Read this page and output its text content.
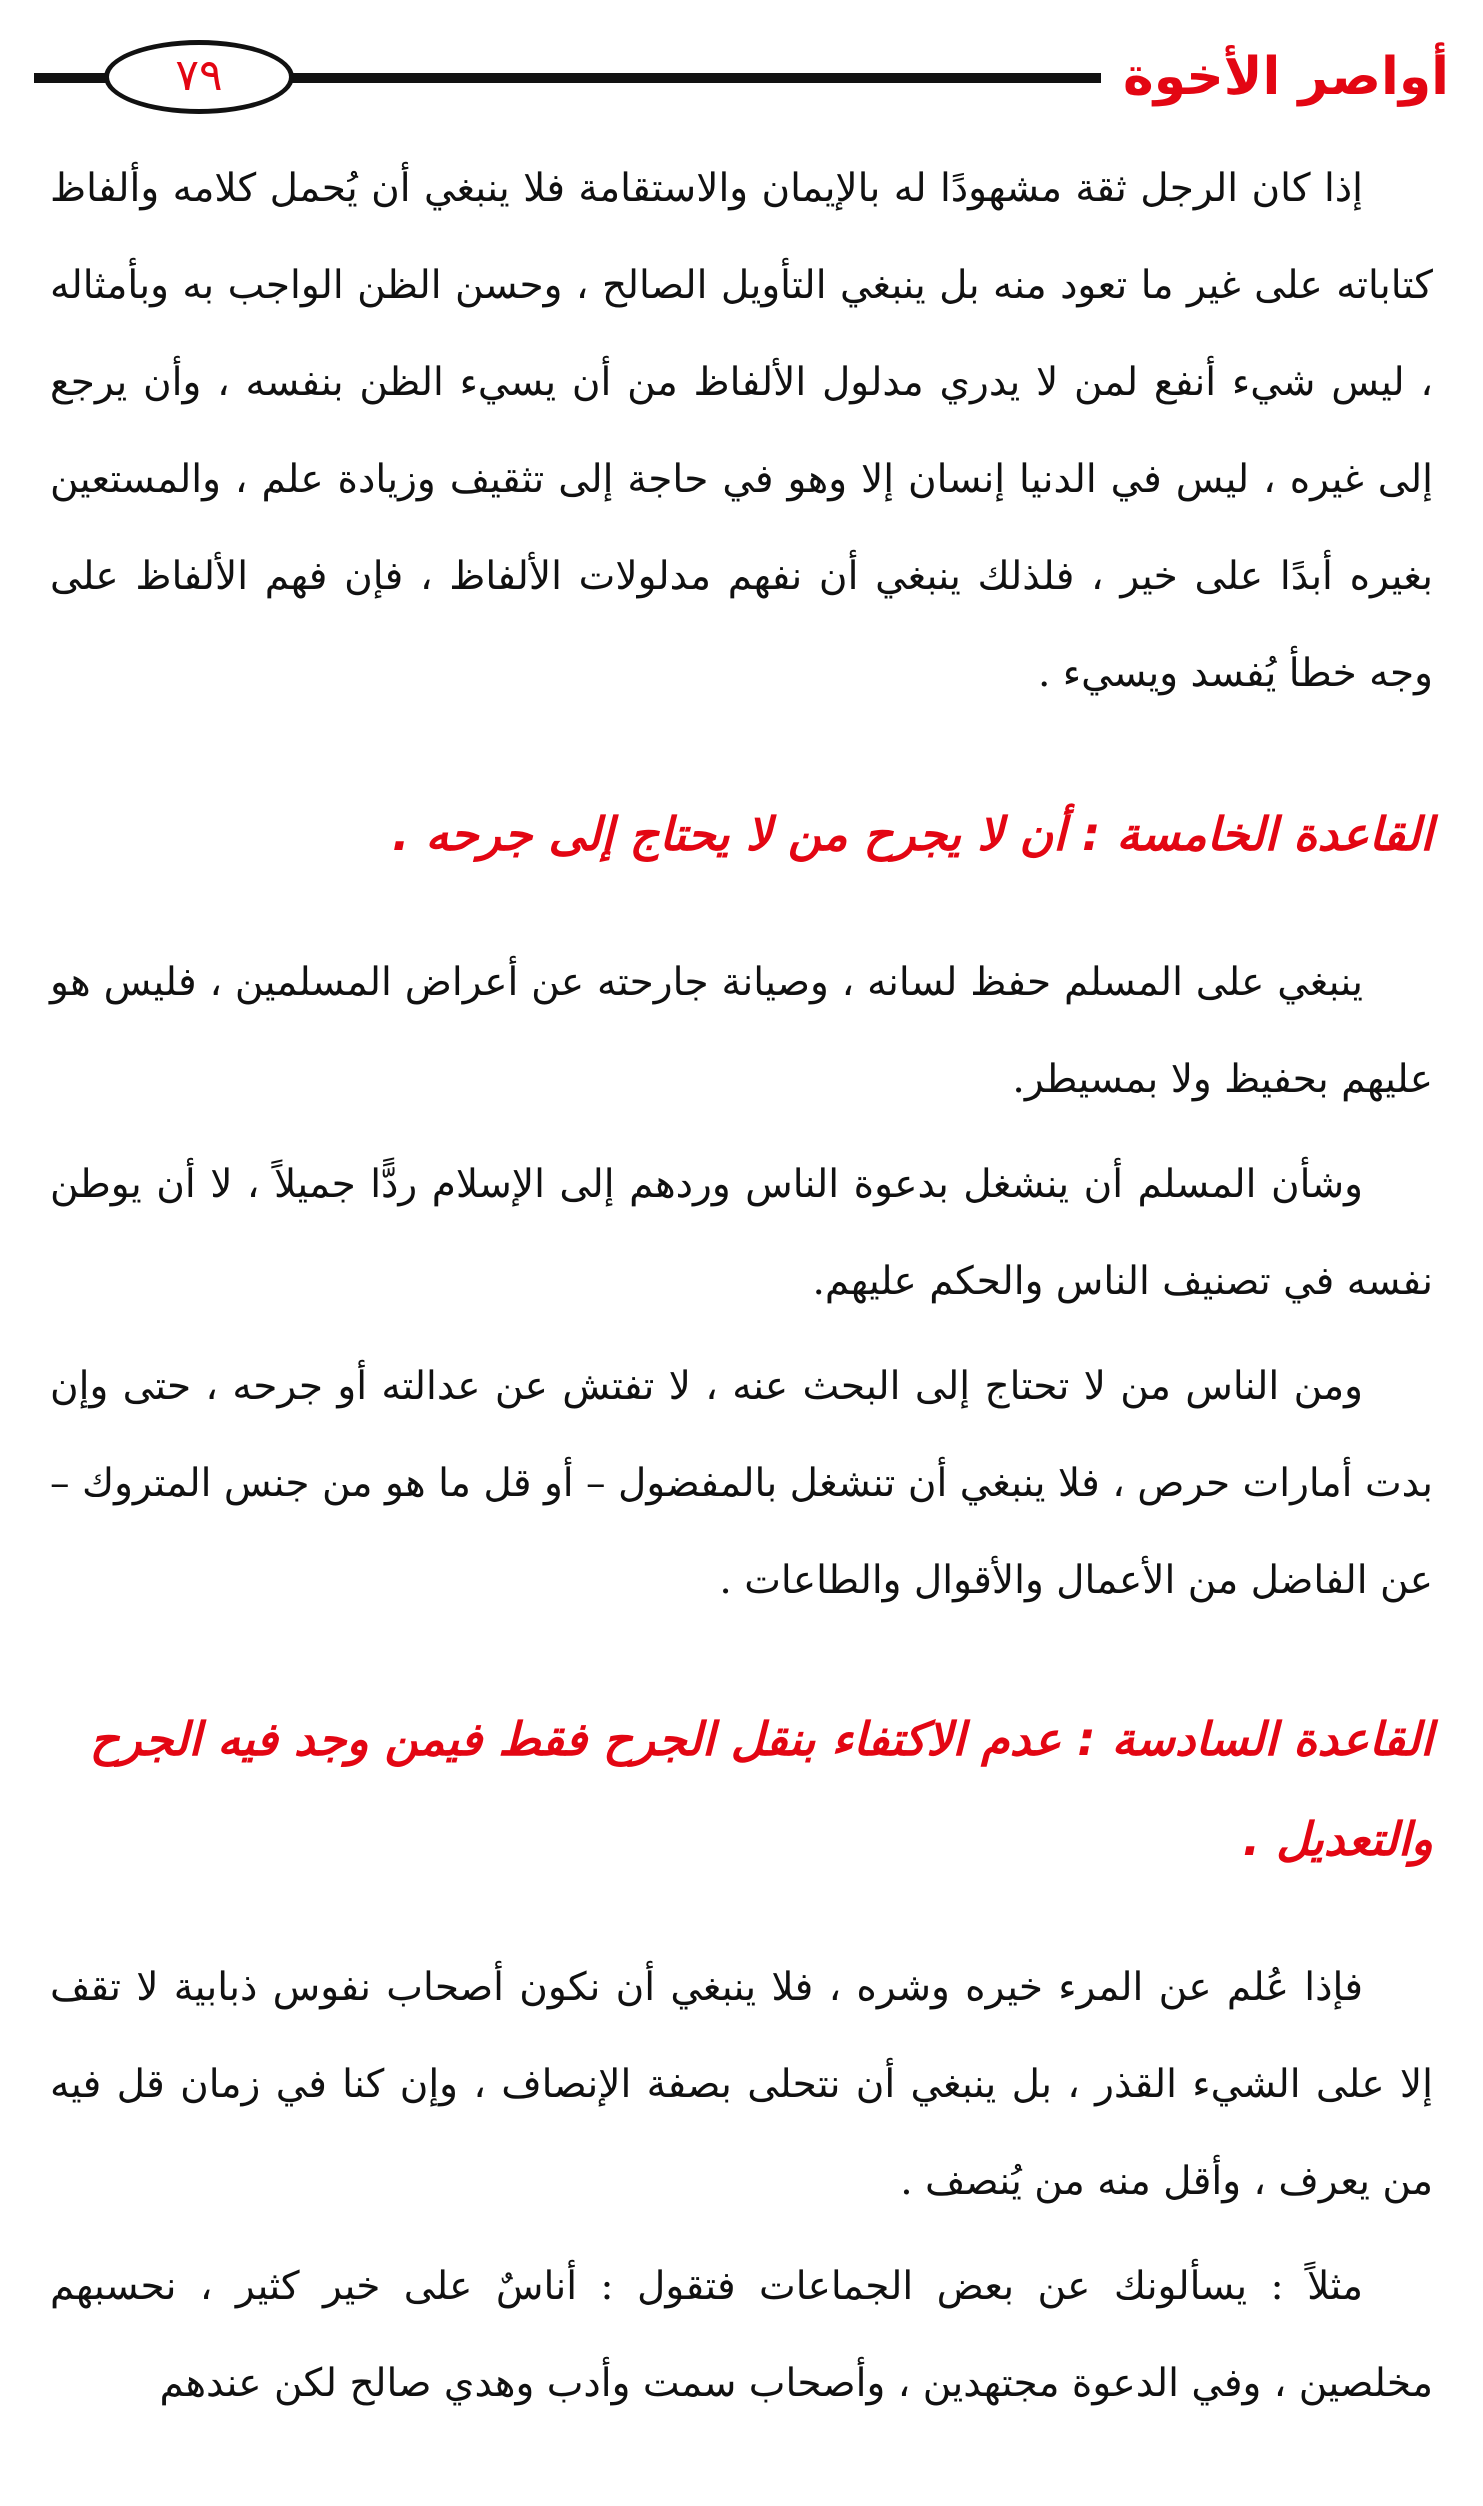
أواصر الأخوة
٧٩

إذا كان الرجل ثقة مشهودًا له بالإيمان والاستقامة فلا ينبغي أن يُحمل كلامه وألفاظ كتاباته على غير ما تعود منه بل ينبغي التأويل الصالح ، وحسن الظن الواجب به وبأمثاله ، ليس شيء أنفع لمن لا يدري مدلول الألفاظ من أن يسيء الظن بنفسه ، وأن يرجع إلى غيره ، ليس في الدنيا إنسان إلا وهو في حاجة إلى تثقيف وزيادة علم ، والمستعين بغيره أبدًا على خير ، فلذلك ينبغي أن نفهم مدلولات الألفاظ ، فإن فهم الألفاظ على وجه خطأ يُفسد ويسيء .

القاعدة الخامسة : أن لا يجرح من لا يحتاج إلى جرحه .

ينبغي على المسلم حفظ لسانه ، وصيانة جارحته عن أعراض المسلمين ، فليس هو عليهم بحفيظ ولا بمسيطر.

وشأن المسلم أن ينشغل بدعوة الناس وردهم إلى الإسلام ردًّا جميلاً ، لا أن يوطن نفسه في تصنيف الناس والحكم عليهم.

ومن الناس من لا تحتاج إلى البحث عنه ، لا تفتش عن عدالته أو جرحه ، حتى وإن بدت أمارات حرص ، فلا ينبغي أن تنشغل بالمفضول – أو قل ما هو من جنس المتروك – عن الفاضل من الأعمال والأقوال والطاعات .

القاعدة السادسة : عدم الاكتفاء بنقل الجرح فقط فيمن وجد فيه الجرح والتعديل .

فإذا عُلم عن المرء خيره وشره ، فلا ينبغي أن نكون أصحاب نفوس ذبابية لا تقف إلا على الشيء القذر ، بل ينبغي أن نتحلى بصفة الإنصاف ، وإن كنا في زمان قل فيه من يعرف ، وأقل منه من يُنصف .

مثلاً : يسألونك عن بعض الجماعات فتقول : أناسٌ على خير كثير ، نحسبهم مخلصين ، وفي الدعوة مجتهدين ، وأصحاب سمت وأدب وهدي صالح لكن عندهم
